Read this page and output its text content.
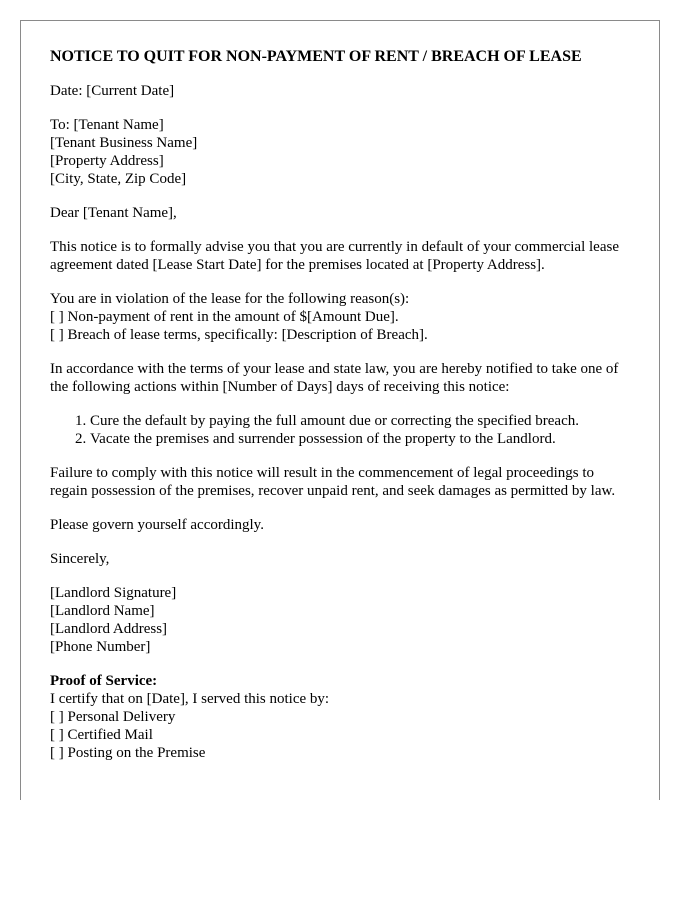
NOTICE TO QUIT FOR NON-PAYMENT OF RENT / BREACH OF LEASE

Date: [Current Date]

To: [Tenant Name]
[Tenant Business Name]
[Property Address]
[City, State, Zip Code]

Dear [Tenant Name],

This notice is to formally advise you that you are currently in default of your commercial lease agreement dated [Lease Start Date] for the premises located at [Property Address].

You are in violation of the lease for the following reason(s):
[ ] Non-payment of rent in the amount of $[Amount Due].
[ ] Breach of lease terms, specifically: [Description of Breach].

In accordance with the terms of your lease and state law, you are hereby notified to take one of the following actions within [Number of Days] days of receiving this notice:

1. Cure the default by paying the full amount due or correcting the specified breach.
2. Vacate the premises and surrender possession of the property to the Landlord.

Failure to comply with this notice will result in the commencement of legal proceedings to regain possession of the premises, recover unpaid rent, and seek damages as permitted by law.

Please govern yourself accordingly.

Sincerely,

[Landlord Signature]
[Landlord Name]
[Landlord Address]
[Phone Number]

Proof of Service:
I certify that on [Date], I served this notice by:
[ ] Personal Delivery
[ ] Certified Mail
[ ] Posting on the Premise
